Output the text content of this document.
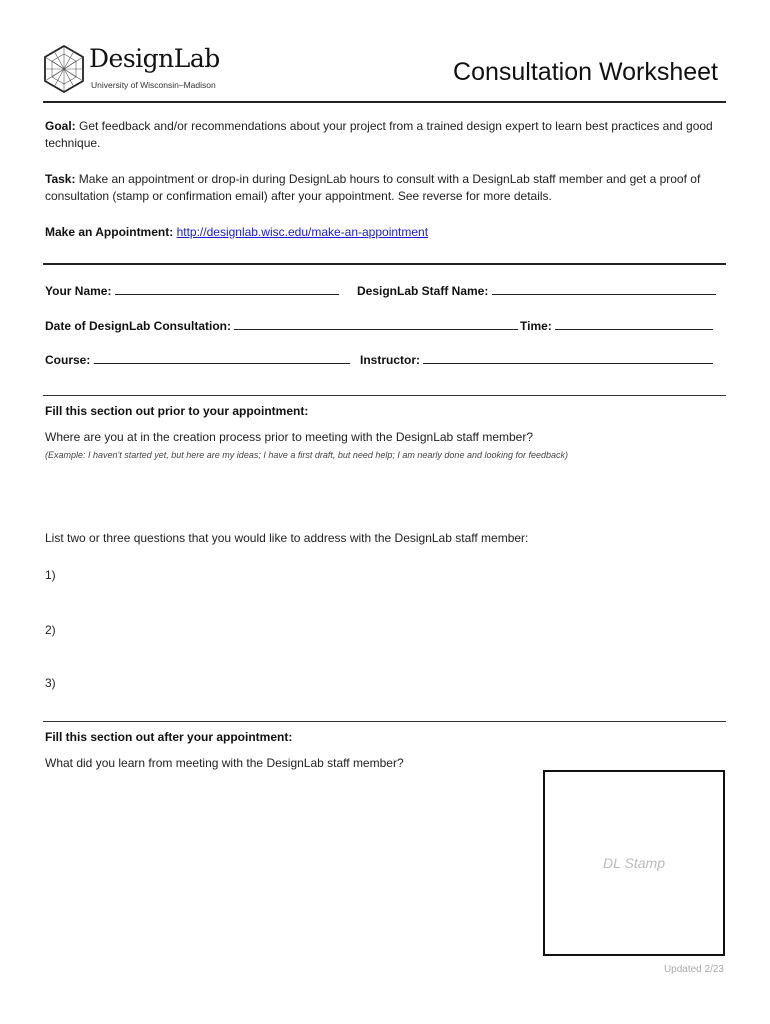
DesignLab
University of Wisconsin–Madison	Consultation Worksheet
Goal: Get feedback and/or recommendations about your project from a trained design expert to learn best practices and good technique.
Task: Make an appointment or drop-in during DesignLab hours to consult with a DesignLab staff member and get a proof of consultation (stamp or confirmation email) after your appointment. See reverse for more details.
Make an Appointment: http://designlab.wisc.edu/make-an-appointment
Your Name:	DesignLab Staff Name:
Date of DesignLab Consultation:	Time:
Course:	Instructor:
Fill this section out prior to your appointment:
Where are you at in the creation process prior to meeting with the DesignLab staff member?
(Example: I haven't started yet, but here are my ideas; I have a first draft, but need help; I am nearly done and looking for feedback)
List two or three questions that you would like to address with the DesignLab staff member:
1)
2)
3)
Fill this section out after your appointment:
What did you learn from meeting with the DesignLab staff member?
DL Stamp
Updated 2/23
